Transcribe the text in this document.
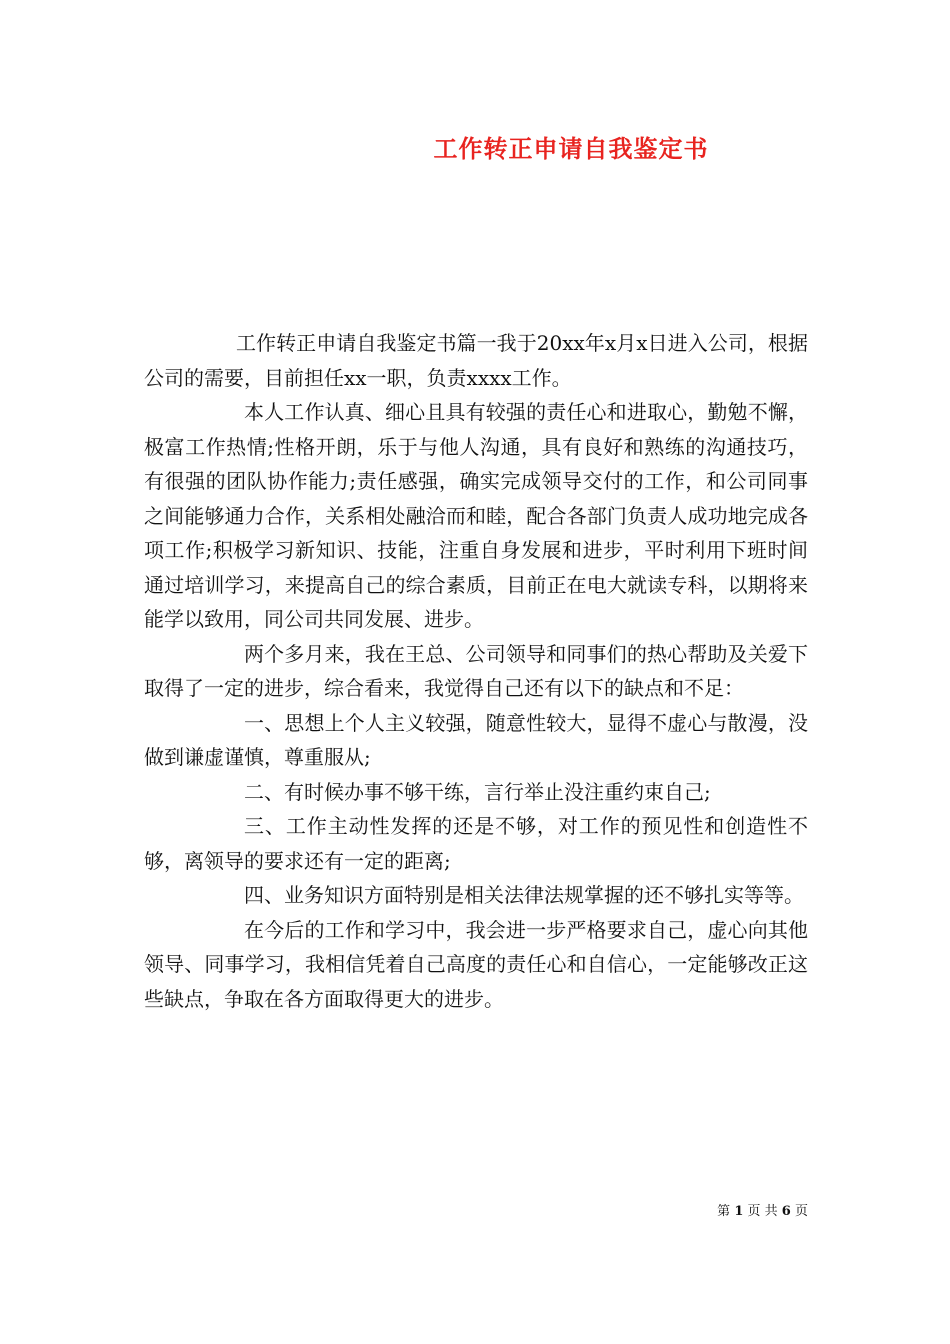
工作转正申请自我鉴定书

工作转正申请自我鉴定书篇一我于20xx年x月x日进入公司，根据公司的需要，目前担任xx一职，负责xxxx工作。

本人工作认真、细心且具有较强的责任心和进取心，勤勉不懈，极富工作热情;性格开朗，乐于与他人沟通，具有良好和熟练的沟通技巧，有很强的团队协作能力;责任感强，确实完成领导交付的工作，和公司同事之间能够通力合作，关系相处融洽而和睦，配合各部门负责人成功地完成各项工作;积极学习新知识、技能，注重自身发展和进步，平时利用下班时间通过培训学习，来提高自己的综合素质，目前正在电大就读专科，以期将来能学以致用，同公司共同发展、进步。

两个多月来，我在王总、公司领导和同事们的热心帮助及关爱下取得了一定的进步，综合看来，我觉得自己还有以下的缺点和不足：

一、思想上个人主义较强，随意性较大，显得不虚心与散漫，没做到谦虚谨慎，尊重服从;

二、有时候办事不够干练，言行举止没注重约束自己;

三、工作主动性发挥的还是不够，对工作的预见性和创造性不够，离领导的要求还有一定的距离;

四、业务知识方面特别是相关法律法规掌握的还不够扎实等等。

在今后的工作和学习中，我会进一步严格要求自己，虚心向其他领导、同事学习，我相信凭着自己高度的责任心和自信心，一定能够改正这些缺点，争取在各方面取得更大的进步。

第 1 页 共 6 页
